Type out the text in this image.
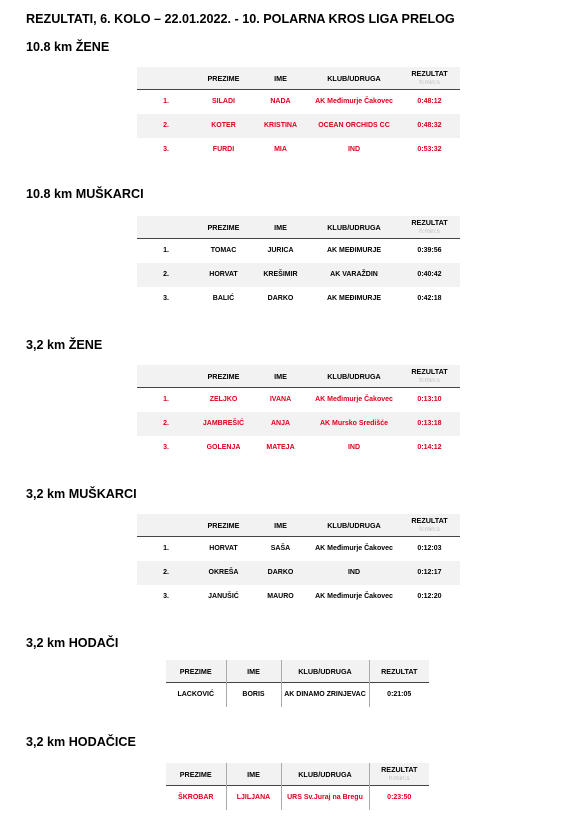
REZULTATI, 6. KOLO – 22.01.2022. - 10. POLARNA KROS LIGA PRELOG
10.8 km ŽENE
	PREZIME	IME	KLUB/UDRUGA	REZULTAT
h:min:s

1.	SILADI	NADA	AK Međimurje Čakovec	0:48:12
2.	KOTER	KRISTINA	OCEAN ORCHIDS CC	0:48:32
3.	FURDI	MIA	IND	0:53:32
10.8 km MUŠKARCI
	PREZIME	IME	KLUB/UDRUGA	REZULTAT
h:min:s

1.	TOMAC	JURICA	AK MEĐIMURJE	0:39:56
2.	HORVAT	KREŠIMIR	AK VARAŽDIN	0:40:42
3.	BALIĆ	DARKO	AK MEĐIMURJE	0:42:18
3,2 km ŽENE
	PREZIME	IME	KLUB/UDRUGA	REZULTAT
h:min:s

1.	ZELJKO	IVANA	AK Međimurje Čakovec	0:13:10
2.	JAMBREŠIĆ	ANJA	AK Mursko Središće	0:13:18
3.	GOLENJA	MATEJA	IND	0:14:12
3,2 km MUŠKARCI
	PREZIME	IME	KLUB/UDRUGA	REZULTAT
h:min:s

1.	HORVAT	SAŠA	AK Međimurje Čakovec	0:12:03
2.	OKREŠA	DARKO	IND	0:12:17
3.	JANUŠIĆ	MAURO	AK Međimurje Čakovec	0:12:20
3,2 km HODAČI
PREZIME	IME	KLUB/UDRUGA	REZULTAT
LACKOVIĆ	BORIS	AK DINAMO ZRINJEVAC	0:21:05
3,2 km HODAČICE
PREZIME	IME	KLUB/UDRUGA	REZULTAT
h:min:s

ŠKROBAR	LJILJANA	URS Sv.Juraj na Bregu	0:23:50
